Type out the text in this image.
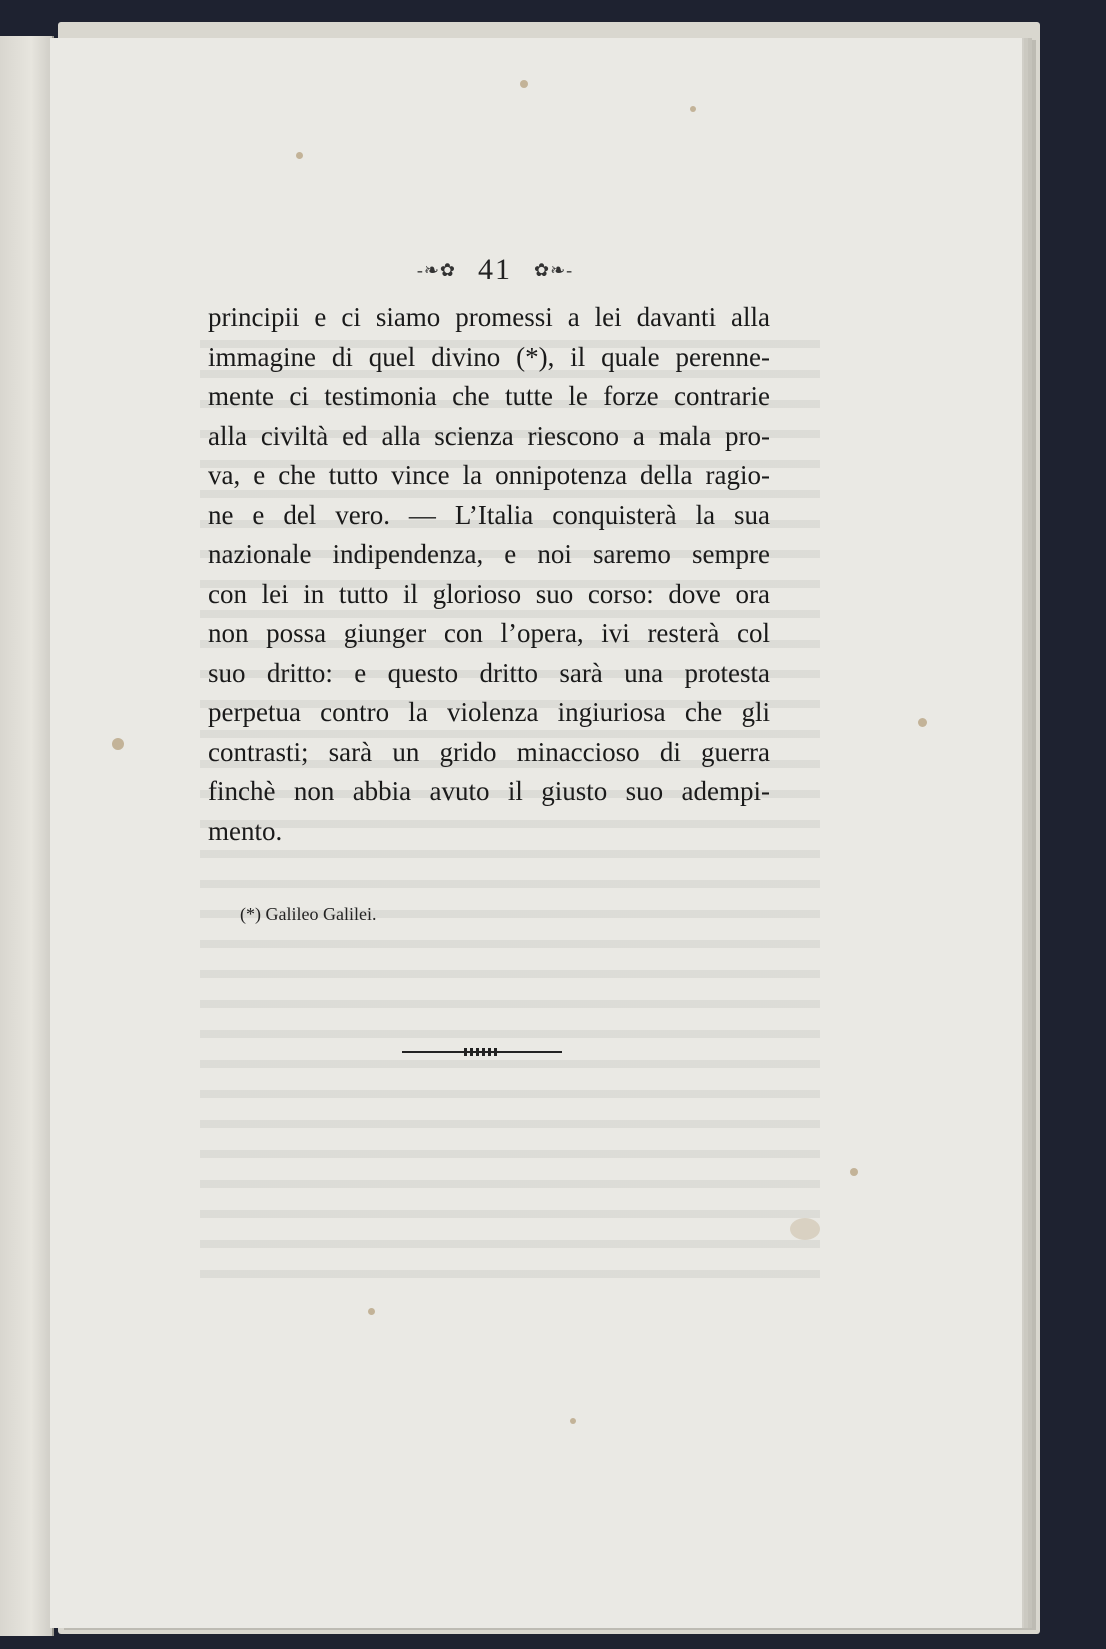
-❧✿ 41 ✿❧-

principii e ci siamo promessi a lei davanti alla
immagine di quel divino (*), il quale perenne-
mente ci testimonia che tutte le forze contrarie
alla civiltà ed alla scienza riescono a mala pro-
va, e che tutto vince la onnipotenza della ragio-
ne e del vero. — L’Italia conquisterà la sua
nazionale indipendenza, e noi saremo sempre
con lei in tutto il glorioso suo corso: dove ora
non possa giunger con l’opera, ivi resterà col
suo dritto: e questo dritto sarà una protesta
perpetua contro la violenza ingiuriosa che gli
contrasti; sarà un grido minaccioso di guerra
finchè non abbia avuto il giusto suo adempi-
mento.

(*) Galileo Galilei.
